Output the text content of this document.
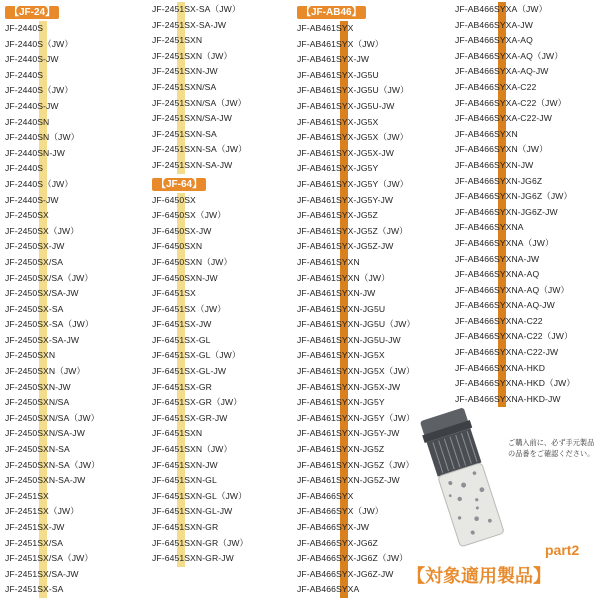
【JF-24】
JF-2440S
JF-2440S（JW）
JF-2440S-JW
JF-2440S
JF-2440S（JW）
JF-2440S-JW
JF-2440SN
JF-2440SN（JW）
JF-2440SN-JW
JF-2440S
JF-2440S（JW）
JF-2440S-JW
JF-2450SX
JF-2450SX（JW）
JF-2450SX-JW
JF-2450SX/SA
JF-2450SX/SA（JW）
JF-2450SX/SA-JW
JF-2450SX-SA
JF-2450SX-SA（JW）
JF-2450SX-SA-JW
JF-2450SXN
JF-2450SXN（JW）
JF-2450SXN-JW
JF-2450SXN/SA
JF-2450SXN/SA（JW）
JF-2450SXN/SA-JW
JF-2450SXN-SA
JF-2450SXN-SA（JW）
JF-2450SXN-SA-JW
JF-2451SX
JF-2451SX（JW）
JF-2451SX-JW
JF-2451SX/SA
JF-2451SX/SA（JW）
JF-2451SX/SA-JW
JF-2451SX-SA
JF-2451SX-SA（JW）
JF-2451SX-SA-JW
JF-2451SXN
JF-2451SXN（JW）
JF-2451SXN-JW
JF-2451SXN/SA
JF-2451SXN/SA（JW）
JF-2451SXN/SA-JW
JF-2451SXN-SA
JF-2451SXN-SA（JW）
JF-2451SXN-SA-JW
【JF-64】
JF-6450SX
JF-6450SX（JW）
JF-6450SX-JW
JF-6450SXN
JF-6450SXN（JW）
JF-6450SXN-JW
JF-6451SX
JF-6451SX（JW）
JF-6451SX-JW
JF-6451SX-GL
JF-6451SX-GL（JW）
JF-6451SX-GL-JW
JF-6451SX-GR
JF-6451SX-GR（JW）
JF-6451SX-GR-JW
JF-6451SXN
JF-6451SXN（JW）
JF-6451SXN-JW
JF-6451SXN-GL
JF-6451SXN-GL（JW）
JF-6451SXN-GL-JW
JF-6451SXN-GR
JF-6451SXN-GR（JW）
JF-6451SXN-GR-JW
【JF-AB46】
JF-AB461SYX
JF-AB461SYX（JW）
JF-AB461SYX-JW
JF-AB461SYX-JG5U
JF-AB461SYX-JG5U（JW）
JF-AB461SYX-JG5U-JW
JF-AB461SYX-JG5X
JF-AB461SYX-JG5X（JW）
JF-AB461SYX-JG5X-JW
JF-AB461SYX-JG5Y
JF-AB461SYX-JG5Y（JW）
JF-AB461SYX-JG5Y-JW
JF-AB461SYX-JG5Z
JF-AB461SYX-JG5Z（JW）
JF-AB461SYX-JG5Z-JW
JF-AB461SYXN
JF-AB461SYXN（JW）
JF-AB461SYXN-JW
JF-AB461SYXN-JG5U
JF-AB461SYXN-JG5U（JW）
JF-AB461SYXN-JG5U-JW
JF-AB461SYXN-JG5X
JF-AB461SYXN-JG5X（JW）
JF-AB461SYXN-JG5X-JW
JF-AB461SYXN-JG5Y
JF-AB461SYXN-JG5Y（JW）
JF-AB461SYXN-JG5Y-JW
JF-AB461SYXN-JG5Z
JF-AB461SYXN-JG5Z（JW）
JF-AB461SYXN-JG5Z-JW
JF-AB466SYX
JF-AB466SYX（JW）
JF-AB466SYX-JW
JF-AB466SYX-JG6Z
JF-AB466SYX-JG6Z（JW）
JF-AB466SYX-JG6Z-JW
JF-AB466SYXA
JF-AB466SYXA（JW）
JF-AB466SYXA-JW
JF-AB466SYXA-AQ
JF-AB466SYXA-AQ（JW）
JF-AB466SYXA-AQ-JW
JF-AB466SYXA-C22
JF-AB466SYXA-C22（JW）
JF-AB466SYXA-C22-JW
JF-AB466SYXN
JF-AB466SYXN（JW）
JF-AB466SYXN-JW
JF-AB466SYXN-JG6Z
JF-AB466SYXN-JG6Z（JW）
JF-AB466SYXN-JG6Z-JW
JF-AB466SYXNA
JF-AB466SYXNA（JW）
JF-AB466SYXNA-JW
JF-AB466SYXNA-AQ
JF-AB466SYXNA-AQ（JW）
JF-AB466SYXNA-AQ-JW
JF-AB466SYXNA-C22
JF-AB466SYXNA-C22（JW）
JF-AB466SYXNA-C22-JW
JF-AB466SYXNA-HKD
JF-AB466SYXNA-HKD（JW）
JF-AB466SYXNA-HKD-JW
ご購入前に、必ず手元製品の品番をご確認ください。
part2
【対象適用製品】
